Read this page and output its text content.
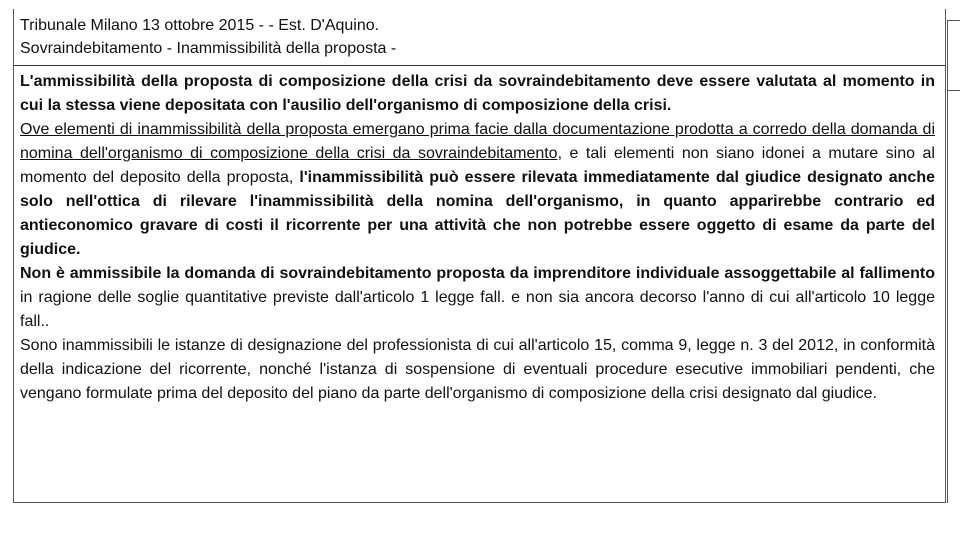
Tribunale Milano 13 ottobre 2015 - - Est. D'Aquino.
Sovraindebitamento - Inammissibilità della proposta -

L'ammissibilità della proposta di composizione della crisi da sovraindebitamento deve essere valutata al momento in cui la stessa viene depositata con l'ausilio dell'organismo di composizione della crisi.

Ove elementi di inammissibilità della proposta emergano prima facie dalla documentazione prodotta a corredo della domanda di nomina dell'organismo di composizione della crisi da sovraindebitamento, e tali elementi non siano idonei a mutare sino al momento del deposito della proposta, l'inammissibilità può essere rilevata immediatamente dal giudice designato anche solo nell'ottica di rilevare l'inammissibilità della nomina dell'organismo, in quanto apparirebbe contrario ed antieconomico gravare di costi il ricorrente per una attività che non potrebbe essere oggetto di esame da parte del giudice.

Non è ammissibile la domanda di sovraindebitamento proposta da imprenditore individuale assoggettabile al fallimento in ragione delle soglie quantitative previste dall'articolo 1 legge fall. e non sia ancora decorso l'anno di cui all'articolo 10 legge fall..

Sono inammissibili le istanze di designazione del professionista di cui all'articolo 15, comma 9, legge n. 3 del 2012, in conformità della indicazione del ricorrente, nonché l'istanza di sospensione di eventuali procedure esecutive immobiliari pendenti, che vengano formulate prima del deposito del piano da parte dell'organismo di composizione della crisi designato dal giudice.
